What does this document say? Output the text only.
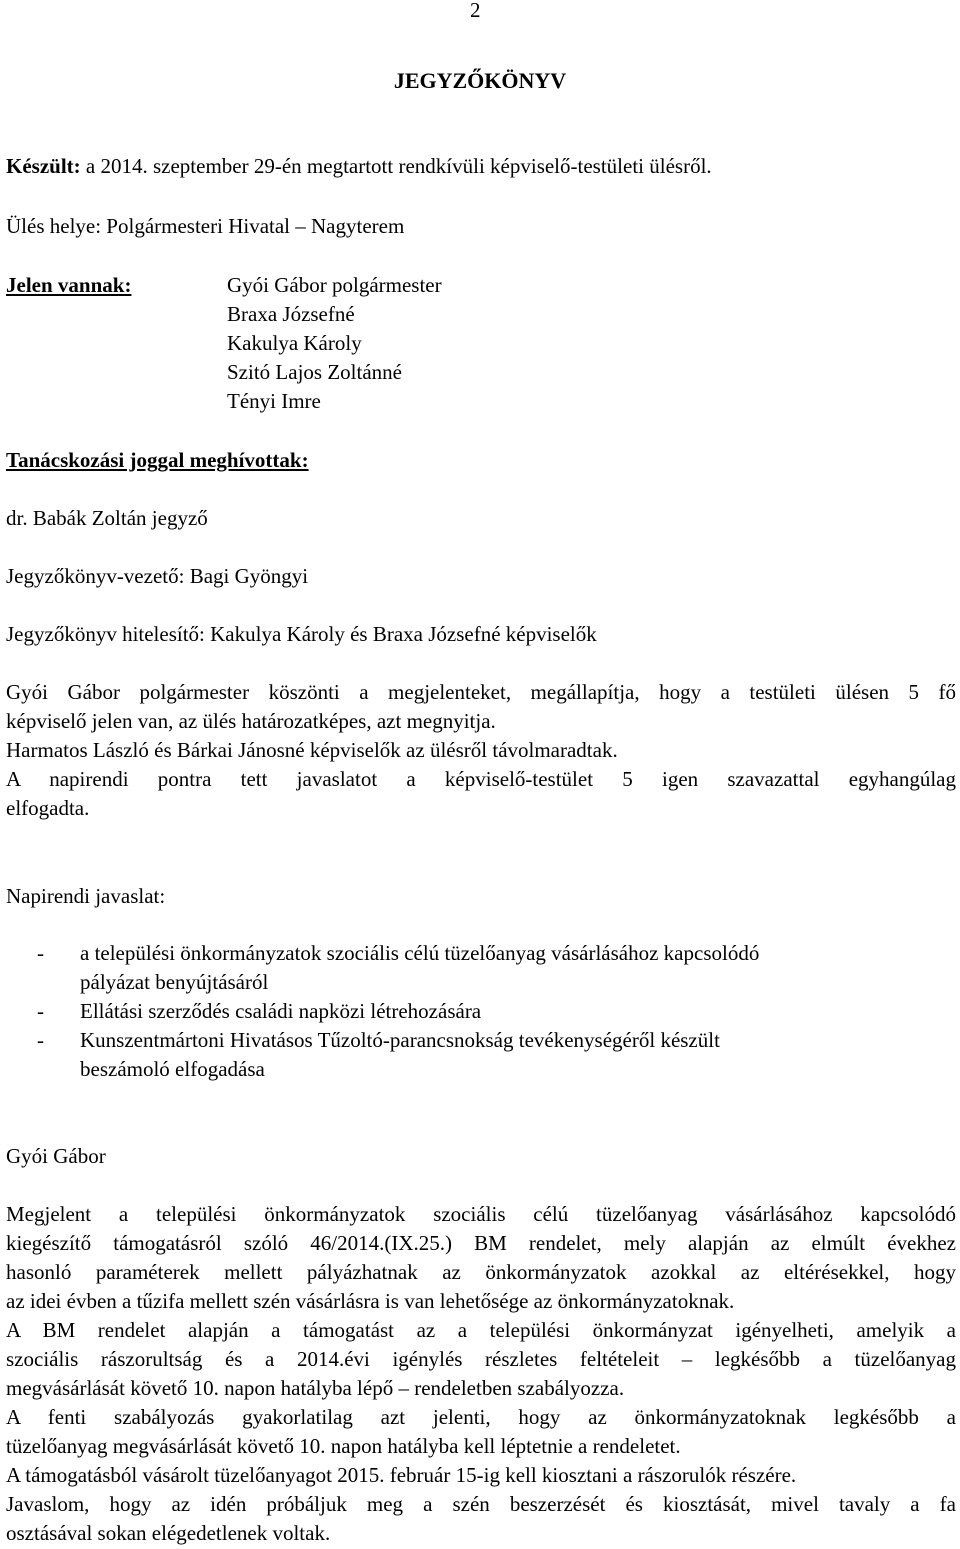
2
JEGYZŐKÖNYV
Készült: a 2014. szeptember 29-én megtartott rendkívüli képviselő-testületi ülésről.
Ülés helye: Polgármesteri Hivatal – Nagyterem
Jelen vannak:	Gyói Gábor polgármester
Braxa Józsefné
Kakulya Károly
Szitó Lajos Zoltánné
Tényi Imre
Tanácskozási joggal meghívottak:
dr. Babák Zoltán jegyző
Jegyzőkönyv-vezető: Bagi Gyöngyi
Jegyzőkönyv hitelesítő: Kakulya Károly és Braxa Józsefné képviselők
Gyói Gábor polgármester köszönti a megjelenteket, megállapítja, hogy a testületi ülésen 5 fő
képviselő jelen van, az ülés határozatképes, azt megnyitja.
Harmatos László és Bárkai Jánosné képviselők az ülésről távolmaradtak.
A napirendi pontra tett javaslatot a képviselő-testület 5 igen szavazattal egyhangúlag
elfogadta.
Napirendi javaslat:
- a települési önkormányzatok szociális célú tüzelőanyag vásárlásához kapcsolódó
pályázat benyújtásáról
- Ellátási szerződés családi napközi létrehozására
- Kunszentmártoni Hivatásos Tűzoltó-parancsnokság tevékenységéről készült
beszámoló elfogadása
Gyói Gábor
Megjelent a települési önkormányzatok szociális célú tüzelőanyag vásárlásához kapcsolódó
kiegészítő támogatásról szóló 46/2014.(IX.25.) BM rendelet, mely alapján az elmúlt évekhez
hasonló paraméterek mellett pályázhatnak az önkormányzatok azokkal az eltérésekkel, hogy
az idei évben a tűzifa mellett szén vásárlásra is van lehetősége az önkormányzatoknak.
A BM rendelet alapján a támogatást az a települési önkormányzat igényelheti, amelyik a
szociális rászorultság és a 2014.évi igénylés részletes feltételeit – legkésőbb a tüzelőanyag
megvásárlását követő 10. napon hatályba lépő – rendeletben szabályozza.
A fenti szabályozás gyakorlatilag azt jelenti, hogy az önkormányzatoknak legkésőbb a
tüzelőanyag megvásárlását követő 10. napon hatályba kell léptetnie a rendeletet.
A támogatásból vásárolt tüzelőanyagot 2015. február 15-ig kell kiosztani a rászorulók részére.
Javaslom, hogy az idén próbáljuk meg a szén beszerzését és kiosztását, mivel tavaly a fa
osztásával sokan elégedetlenek voltak.
